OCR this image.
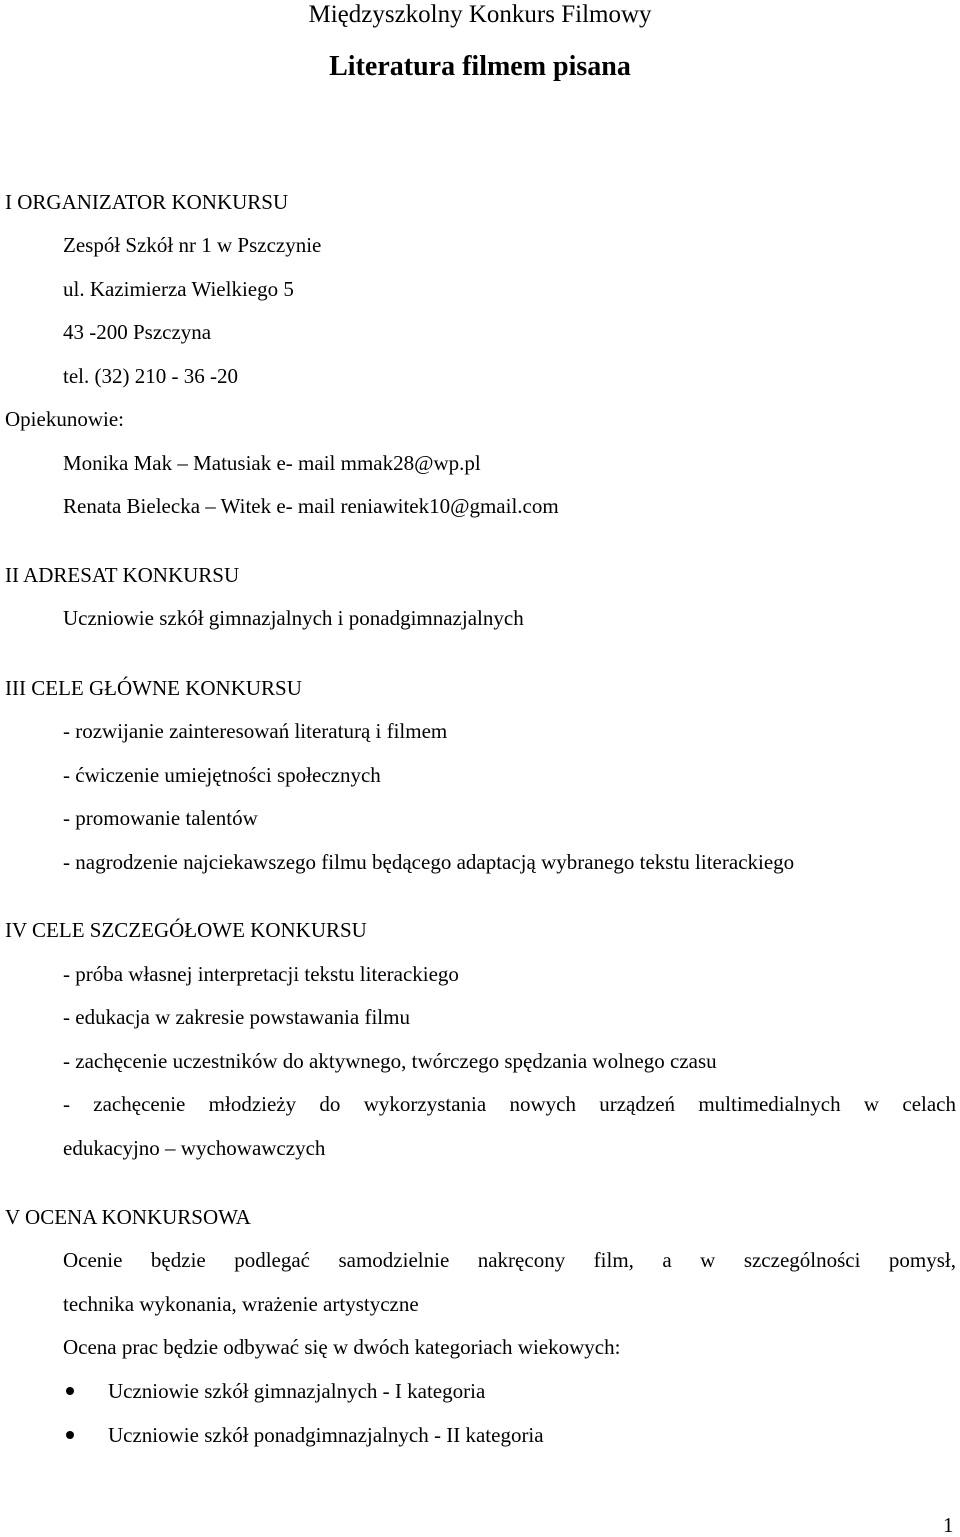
Międzyszkolny Konkurs Filmowy
Literatura filmem pisana
I ORGANIZATOR KONKURSU
Zespół Szkół nr 1 w Pszczynie
ul. Kazimierza Wielkiego 5
43 -200 Pszczyna
tel. (32) 210 - 36 -20
Opiekunowie:
Monika Mak – Matusiak e- mail mmak28@wp.pl
Renata Bielecka – Witek e- mail reniawitek10@gmail.com
II ADRESAT KONKURSU
Uczniowie szkół gimnazjalnych i ponadgimnazjalnych
III CELE GŁÓWNE KONKURSU
- rozwijanie zainteresowań literaturą i filmem
- ćwiczenie umiejętności społecznych
- promowanie talentów
- nagrodzenie najciekawszego filmu będącego adaptacją wybranego tekstu literackiego
IV CELE SZCZEGÓŁOWE KONKURSU
- próba własnej interpretacji tekstu literackiego
- edukacja w zakresie powstawania filmu
- zachęcenie uczestników do aktywnego, twórczego spędzania wolnego czasu
- zachęcenie młodzieży do wykorzystania nowych urządzeń multimedialnych w celach
edukacyjno – wychowawczych
V OCENA KONKURSOWA
Ocenie będzie podlegać samodzielnie nakręcony film, a w szczególności pomysł,
technika wykonania, wrażenie artystyczne
Ocena prac będzie odbywać się w dwóch kategoriach wiekowych:
Uczniowie szkół gimnazjalnych - I kategoria
Uczniowie szkół ponadgimnazjalnych - II kategoria
1
